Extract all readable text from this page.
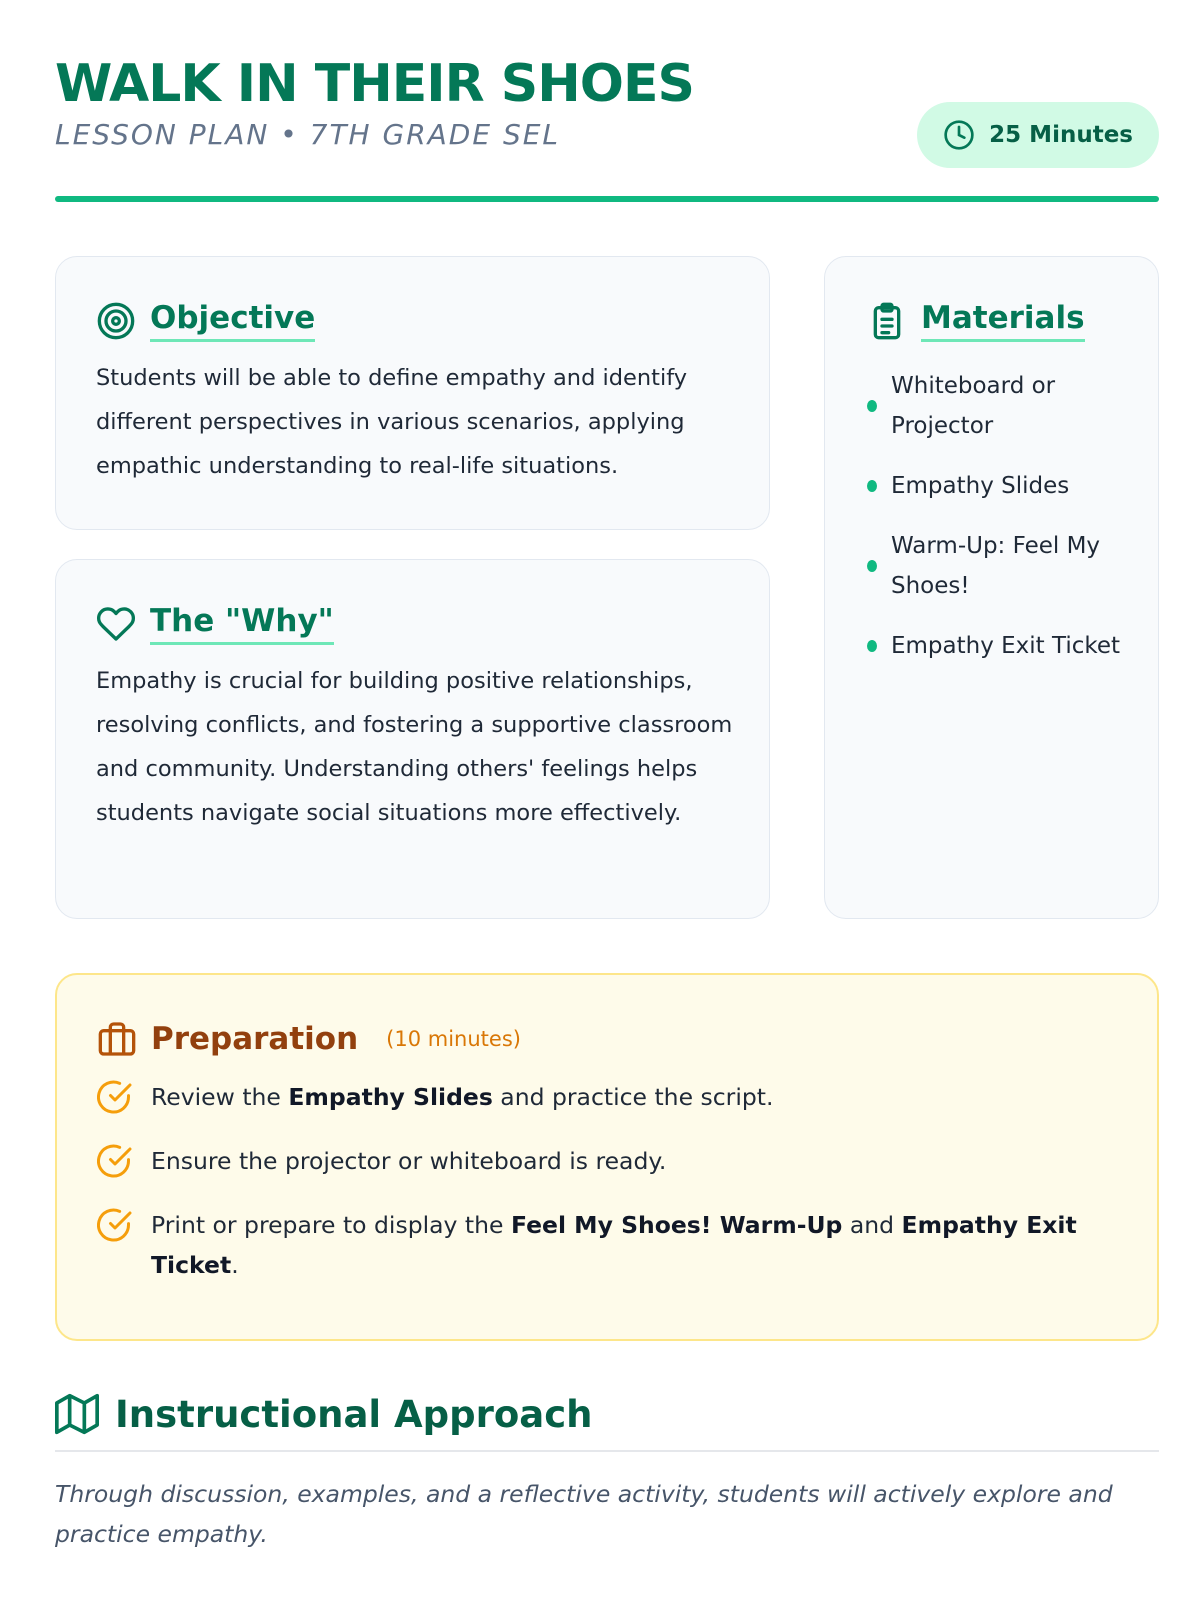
WALK IN THEIR SHOES
LESSON PLAN • 7TH GRADE SEL	25 Minutes
Objective

Students will be able to define empathy and identify different perspectives in various scenarios, applying empathic understanding to real-life situations.

The "Why"

Empathy is crucial for building positive relationships, resolving conflicts, and fostering a supportive classroom and community. Understanding others' feelings helps students navigate social situations more effectively.

Materials
Whiteboard or Projector
Empathy Slides
Warm-Up: Feel My Shoes!
Empathy Exit Ticket
Preparation (10 minutes)
Review the Empathy Slides and practice the script.
Ensure the projector or whiteboard is ready.
Print or prepare to display the Feel My Shoes! Warm-Up and Empathy Exit Ticket.
Instructional Approach

Through discussion, examples, and a reflective activity, students will actively explore and practice empathy.
